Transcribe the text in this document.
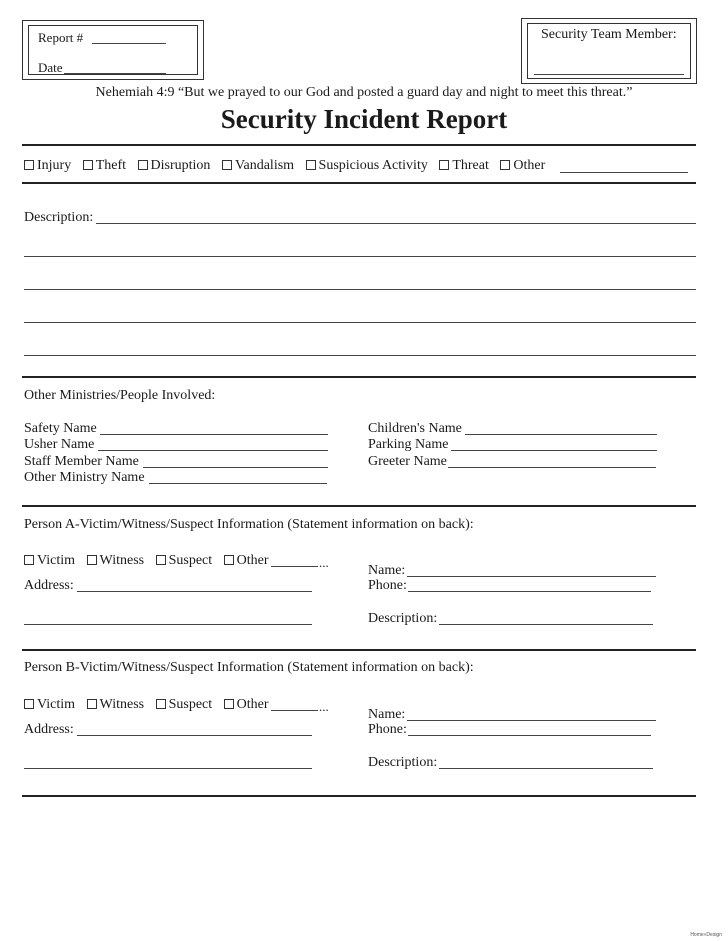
Report #
Date
Security Team Member:
Nehemiah 4:9 “But we prayed to our God and posted a guard day and night to meet this threat.”
Security Incident Report
Injury Theft Disruption Vandalism Suspicious Activity Threat Other
Description:
Other Ministries/People Involved:
Safety Name
Usher Name
Staff Member Name
Other Ministry Name
Children's Name
Parking Name
Greeter Name
Person A-Victim/Witness/Suspect Information (Statement information on back):
Victim Witness Suspect Other	...
Address:
Name:
Phone:
Description:
Person B-Victim/Witness/Suspect Information (Statement information on back):
Victim Witness Suspect Other	...
Address:
Name:
Phone:
Description:
Home»Design
